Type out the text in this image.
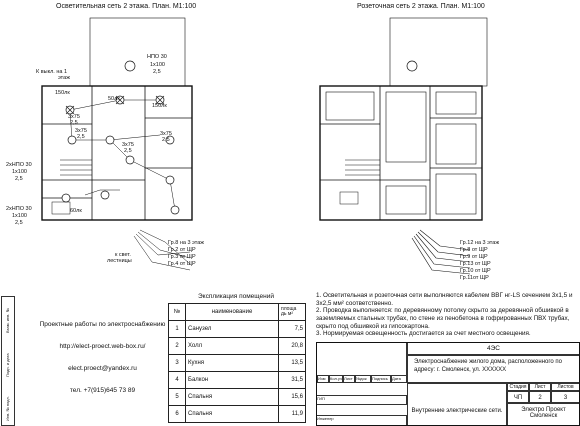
Осветительная сеть 2 этажа. План. М1:100	Розеточная сеть 2 этажа. План. М1:100
НПО 30
1х100
2,5
К выкл. на 1
этаж
150лк
50лк
150лк
3х75
2,5
3х75
2,5	3х75
2,5
3х75
2,5
2хНПО 30
1х100
2,5
2хНПО 30
1х100
2,5
60лк
к свет.
лестницы
Гр.8 на 3 этаж
Гр.2 от ЩР
Гр.3 от ЩР
Гр.4 от ЩР
Гр.12 на 3 этаж
Гр.8 от ЩР
Гр.9 от ЩР
Гр.13 от ЩР
Гр.10 от ЩР
Гр.11от ЩР
Экспликация помещений
№	наименование	площа дь м²
1	Санузел	7,5
2	Холл	20,8
3	Кухня	13,5
4	Балкон	31,5
5	Спальня	15,6
6	Спальня	11,9
Проектные работы по электроснабжению
http://elect-proect.web-box.ru/
elect.proect@yandex.ru
тел. +7(915)645 73 89
1. Осветительная и розеточная сети выполняются кабелем ВВГ нг-LS сечением 3х1,5 и 3х2,5 мм² соответственно.
2. Проводка выполняется: по деревянному потолку скрыто за деревянной обшивкой в заземляемых стальных трубах, по стене из пенобетона в гофрированных ПВХ трубах, скрыто под обшивкой из гипсокартона.
3. Нормируемая освещенность достигается за счет местного освещения.
4ЭС
Электроснабжение жилого дома, расположенного по адресу: г. Смоленск, ул. XXXXXX
Изм	Кол.уч Лист №док	Подпись	Дата
ГИП
Инженер
Внутренние электрические сети.
Стадия	Лист	Листов
ЧП	2	3
Электро Проект Смоленск
Взам. инв. №
Подп. и дата
Инв. № подл.
